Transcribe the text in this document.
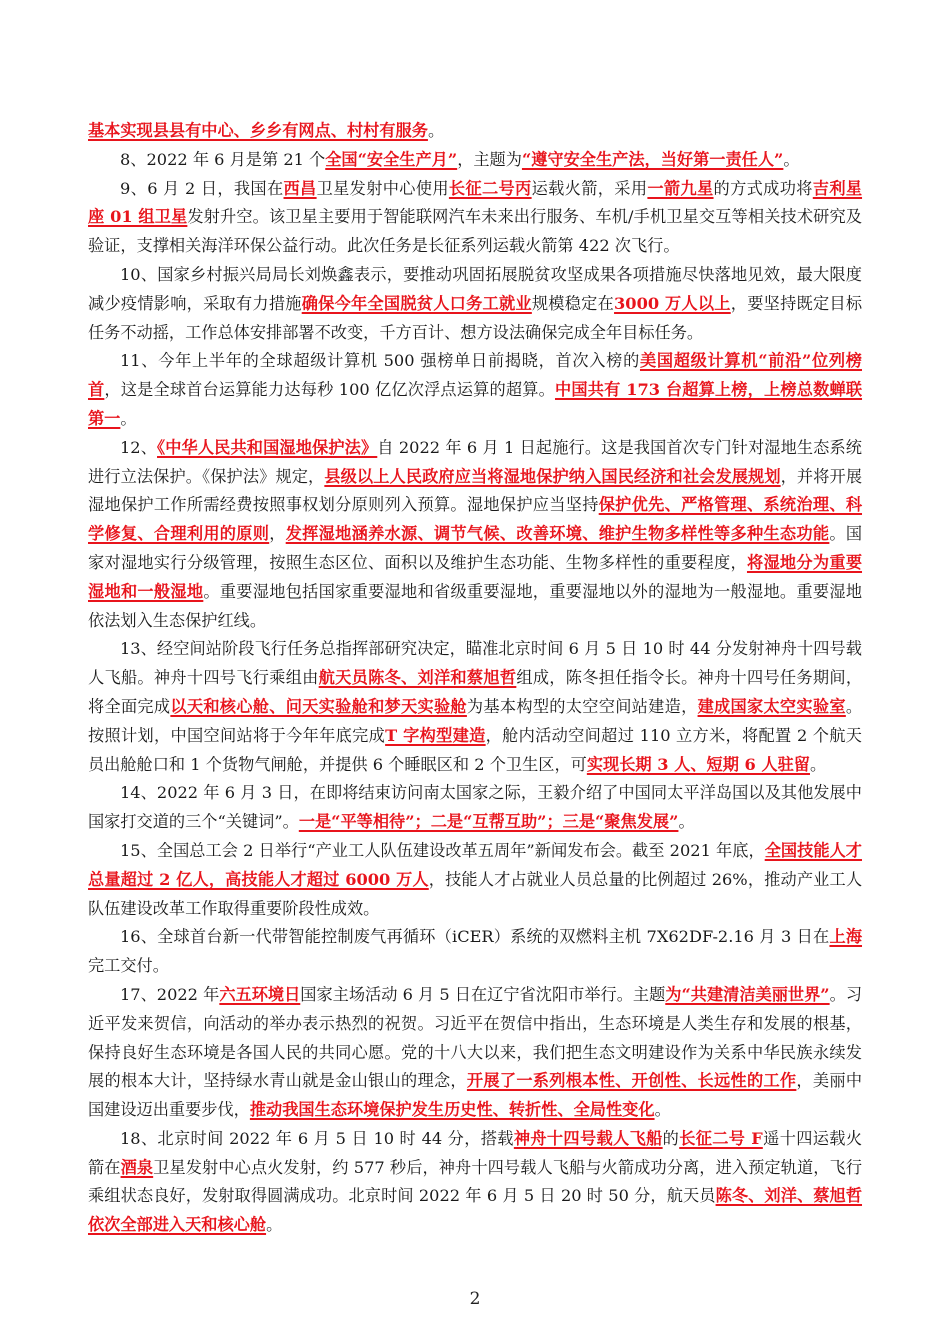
基本实现县县有中心、乡乡有网点、村村有服务。

8、2022 年 6 月是第 21 个全国“安全生产月”，主题为“遵守安全生产法，当好第一责任人”。

9、6 月 2 日，我国在西昌卫星发射中心使用长征二号丙运载火箭，采用一箭九星的方式成功将吉利星座 01 组卫星发射升空。该卫星主要用于智能联网汽车未来出行服务、车机/手机卫星交互等相关技术研究及验证，支撑相关海洋环保公益行动。此次任务是长征系列运载火箭第 422 次飞行。

10、国家乡村振兴局局长刘焕鑫表示，要推动巩固拓展脱贫攻坚成果各项措施尽快落地见效，最大限度减少疫情影响，采取有力措施确保今年全国脱贫人口务工就业规模稳定在3000 万人以上，要坚持既定目标任务不动摇，工作总体安排部署不改变，千方百计、想方设法确保完成全年目标任务。

11、今年上半年的全球超级计算机 500 强榜单日前揭晓，首次入榜的美国超级计算机“前沿”位列榜首，这是全球首台运算能力达每秒 100 亿亿次浮点运算的超算。中国共有 173 台超算上榜，上榜总数蝉联第一。

12、《中华人民共和国湿地保护法》自 2022 年 6 月 1 日起施行。这是我国首次专门针对湿地生态系统进行立法保护。《保护法》规定，县级以上人民政府应当将湿地保护纳入国民经济和社会发展规划，并将开展湿地保护工作所需经费按照事权划分原则列入预算。湿地保护应当坚持保护优先、严格管理、系统治理、科学修复、合理利用的原则，发挥湿地涵养水源、调节气候、改善环境、维护生物多样性等多种生态功能。国家对湿地实行分级管理，按照生态区位、面积以及维护生态功能、生物多样性的重要程度，将湿地分为重要湿地和一般湿地。重要湿地包括国家重要湿地和省级重要湿地，重要湿地以外的湿地为一般湿地。重要湿地依法划入生态保护红线。

13、经空间站阶段飞行任务总指挥部研究决定，瞄准北京时间 6 月 5 日 10 时 44 分发射神舟十四号载人飞船。神舟十四号飞行乘组由航天员陈冬、刘洋和蔡旭哲组成，陈冬担任指令长。神舟十四号任务期间，将全面完成以天和核心舱、问天实验舱和梦天实验舱为基本构型的太空空间站建造，建成国家太空实验室。按照计划，中国空间站将于今年年底完成T 字构型建造，舱内活动空间超过 110 立方米，将配置 2 个航天员出舱舱口和 1 个货物气闸舱，并提供 6 个睡眠区和 2 个卫生区，可实现长期 3 人、短期 6 人驻留。

14、2022 年 6 月 3 日，在即将结束访问南太国家之际，王毅介绍了中国同太平洋岛国以及其他发展中国家打交道的三个“关键词”。一是“平等相待”；二是“互帮互助”；三是“聚焦发展”。

15、全国总工会 2 日举行“产业工人队伍建设改革五周年”新闻发布会。截至 2021 年底，全国技能人才总量超过 2 亿人，高技能人才超过 6000 万人，技能人才占就业人员总量的比例超过 26%，推动产业工人队伍建设改革工作取得重要阶段性成效。

16、全球首台新一代带智能控制废气再循环（iCER）系统的双燃料主机 7X62DF-2.16 月 3 日在上海完工交付。

17、2022 年六五环境日国家主场活动 6 月 5 日在辽宁省沈阳市举行。主题为“共建清洁美丽世界”。习近平发来贺信，向活动的举办表示热烈的祝贺。习近平在贺信中指出，生态环境是人类生存和发展的根基，保持良好生态环境是各国人民的共同心愿。党的十八大以来，我们把生态文明建设作为关系中华民族永续发展的根本大计，坚持绿水青山就是金山银山的理念，开展了一系列根本性、开创性、长远性的工作，美丽中国建设迈出重要步伐，推动我国生态环境保护发生历史性、转折性、全局性变化。

18、北京时间 2022 年 6 月 5 日 10 时 44 分，搭载神舟十四号载人飞船的长征二号 F遥十四运载火箭在酒泉卫星发射中心点火发射，约 577 秒后，神舟十四号载人飞船与火箭成功分离，进入预定轨道，飞行乘组状态良好，发射取得圆满成功。北京时间 2022 年 6 月 5 日 20 时 50 分，航天员陈冬、刘洋、蔡旭哲依次全部进入天和核心舱。

2
